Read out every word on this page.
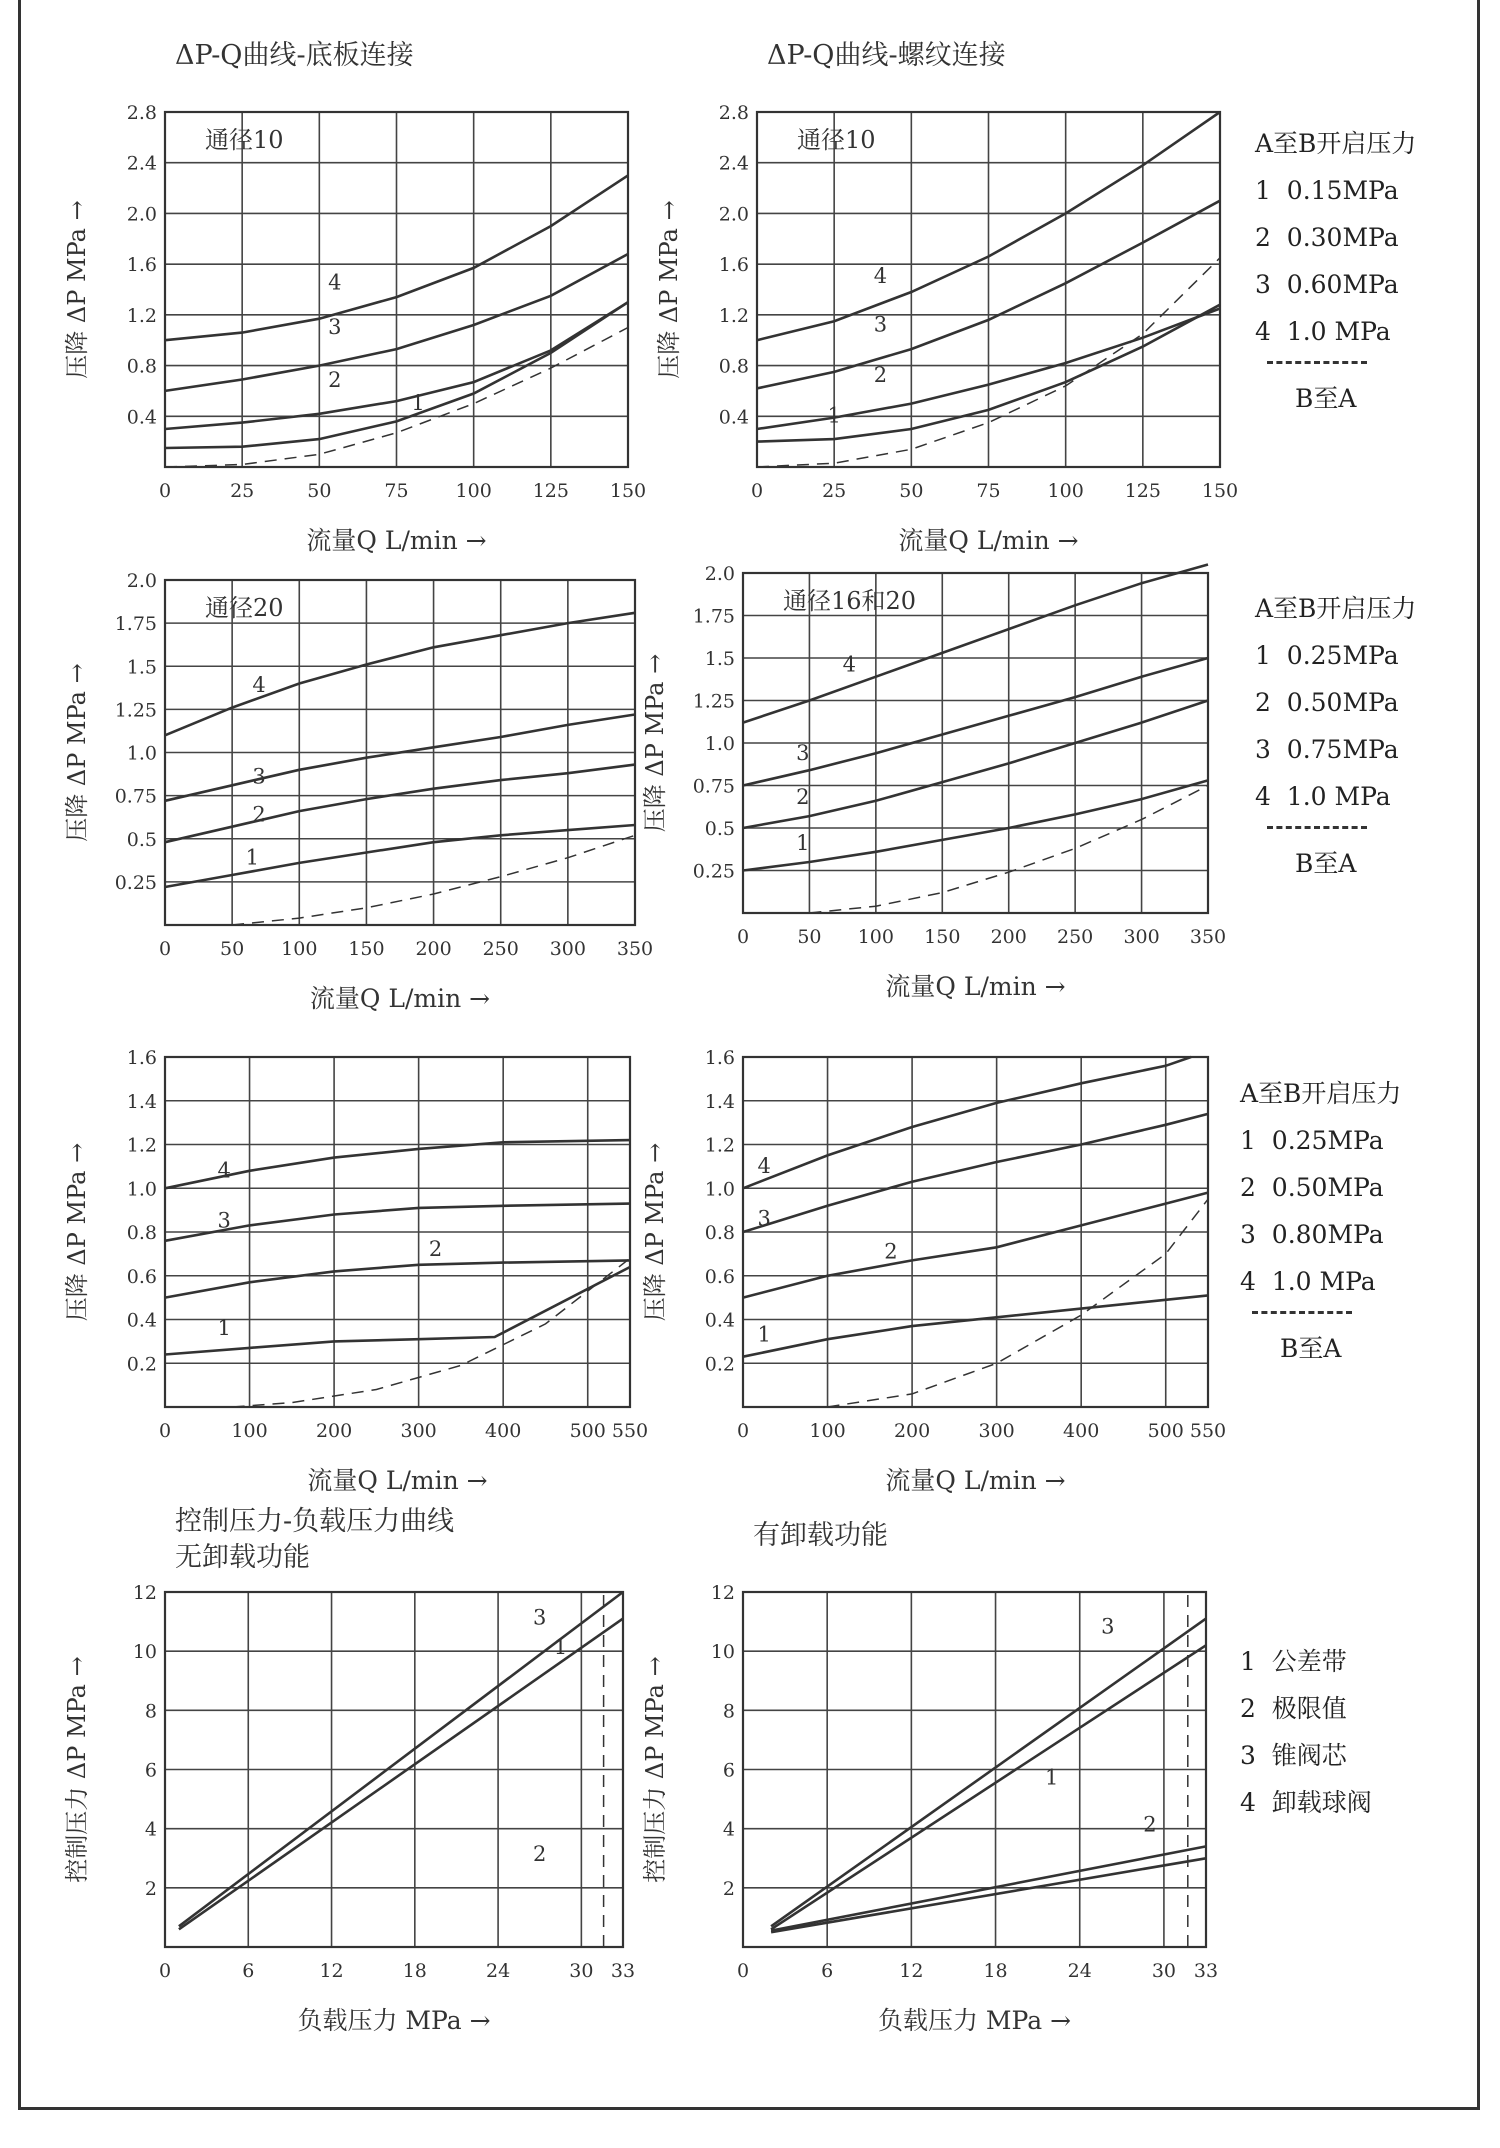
0	25	50	75 100 125 150
0.4
0.8
1.2
1.6
2.0
2.4
2.8
流量Q L/min →
压降 ΔP MPa →
ΔP-Q曲线-底板连接
通径10
4
3
2
1
0	25	50	75 100 125 150
0.4
0.8
1.2
1.6
2.0
2.4
2.8
流量Q L/min →
压降 ΔP MPa →
ΔP-Q曲线-螺纹连接
通径10
4
3
2
1
0	50 100 150 200 250 300 350
0.25
0.5
0.75
1.0
1.25
1.5
1.75
2.0
流量Q L/min →
压降 ΔP MPa →
通径20
4
3
2
1
0	50 100 150 200 250 300 350
0.25
0.5
0.75
1.0
1.25
1.5
1.75
2.0
流量Q L/min →
压降 ΔP MPa →
通径16和20
4
3
2
1
0	100	200	300	400	500 550
0.2
0.4
0.6
0.8
1.0
1.2
1.4
1.6
流量Q L/min →
压降 ΔP MPa →	4
3
2
1
0	100	200	300	400	500 550
0.2
0.4
0.6
0.8
1.0
1.2
1.4
1.6
流量Q L/min →
压降 ΔP MPa →	4
3
2
1
0	6	12	18	24	30 33
2
4
6
8
10
12
负载压力 MPa →
控制压力 ΔP MPa →
控制压力-负载压力曲线
无卸载功能
3
1
2
0	6	12	18	24	30 33
2
4
6
8
10
12
负载压力 MPa →
控制压力 ΔP MPa →
有卸载功能
3
1
2
A至B开启压力
1  0.15MPa
2  0.30MPa
3  0.60MPa
4  1.0 MPa
B至A
A至B开启压力
1  0.25MPa
2  0.50MPa
3  0.75MPa
4  1.0 MPa
B至A
A至B开启压力
1  0.25MPa
2  0.50MPa
3  0.80MPa
4  1.0 MPa
B至A
1  公差带
2  极限值
3  锥阀芯
4  卸载球阀
